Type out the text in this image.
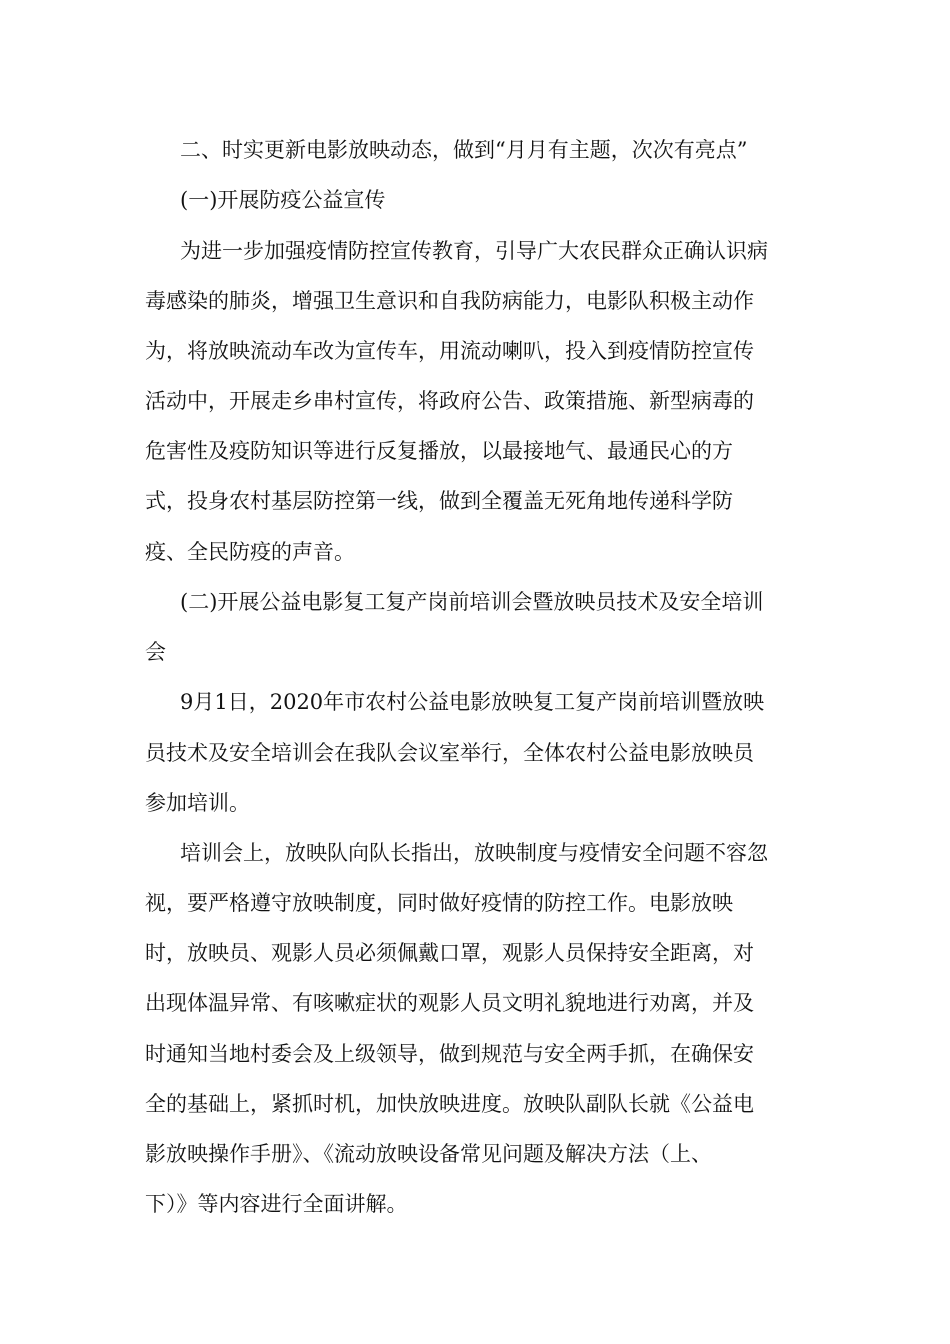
二、时实更新电影放映动态，做到“月月有主题，次次有亮点”
(一)开展防疫公益宣传
为进一步加强疫情防控宣传教育，引导广大农民群众正确认识病
毒感染的肺炎，增强卫生意识和自我防病能力，电影队积极主动作
为，将放映流动车改为宣传车，用流动喇叭，投入到疫情防控宣传
活动中，开展走乡串村宣传，将政府公告、政策措施、新型病毒的
危害性及疫防知识等进行反复播放，以最接地气、最通民心的方
式，投身农村基层防控第一线，做到全覆盖无死角地传递科学防
疫、全民防疫的声音。
(二)开展公益电影复工复产岗前培训会暨放映员技术及安全培训
会
9月1日，2020年市农村公益电影放映复工复产岗前培训暨放映
员技术及安全培训会在我队会议室举行，全体农村公益电影放映员
参加培训。
培训会上，放映队向队长指出，放映制度与疫情安全问题不容忽
视，要严格遵守放映制度，同时做好疫情的防控工作。电影放映
时，放映员、观影人员必须佩戴口罩，观影人员保持安全距离，对
出现体温异常、有咳嗽症状的观影人员文明礼貌地进行劝离，并及
时通知当地村委会及上级领导，做到规范与安全两手抓，在确保安
全的基础上，紧抓时机，加快放映进度。放映队副队长就《公益电
影放映操作手册》、《流动放映设备常见问题及解决方法（上、
下）》等内容进行全面讲解。
